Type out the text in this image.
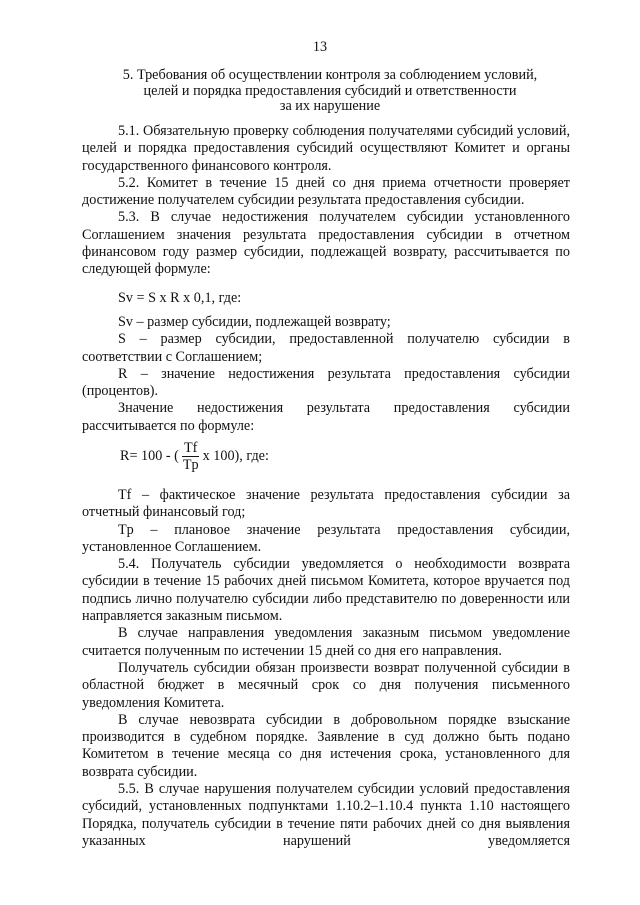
13
5. Требования об осуществлении контроля за соблюдением условий,
целей и порядка предоставления субсидий и ответственности
за их нарушение

5.1. Обязательную проверку соблюдения получателями субсидий условий, целей и порядка предоставления субсидий осуществляют Комитет и органы государственного финансового контроля.

5.2. Комитет в течение 15 дней со дня приема отчетности проверяет достижение получателем субсидии результата предоставления субсидии.

5.3. В случае недостижения получателем субсидии установленного Соглашением значения результата предоставления субсидии в отчетном финансовом году размер субсидии, подлежащей возврату, рассчитывается по следующей формуле:

Sv = S x R x 0,1, где:

Sv – размер субсидии, подлежащей возврату;

S – размер субсидии, предоставленной получателю субсидии в соответствии с Соглашением;

R – значение недостижения результата предоставления субсидии (процентов).

Значение недостижения результата предоставления субсидии рассчитывается по формуле:

R= 100 - ( $\frac{Tf}{Tp}$ x 100), где:

Tf – фактическое значение результата предоставления субсидии за отчетный финансовый год;

Tp – плановое значение результата предоставления субсидии, установленное Соглашением.

5.4. Получатель субсидии уведомляется о необходимости возврата субсидии в течение 15 рабочих дней письмом Комитета, которое вручается под подпись лично получателю субсидии либо представителю по доверенности или направляется заказным письмом.

В случае направления уведомления заказным письмом уведомление считается полученным по истечении 15 дней со дня его направления.

Получатель субсидии обязан произвести возврат полученной субсидии в областной бюджет в месячный срок со дня получения письменного уведомления Комитета.

В случае невозврата субсидии в добровольном порядке взыскание производится в судебном порядке. Заявление в суд должно быть подано Комитетом в течение месяца со дня истечения срока, установленного для возврата субсидии.

5.5. В случае нарушения получателем субсидии условий предоставления субсидий, установленных подпунктами 1.10.2–1.10.4 пункта 1.10 настоящего Порядка, получатель субсидии в течение пяти рабочих дней со дня выявления указанных нарушений уведомляется
